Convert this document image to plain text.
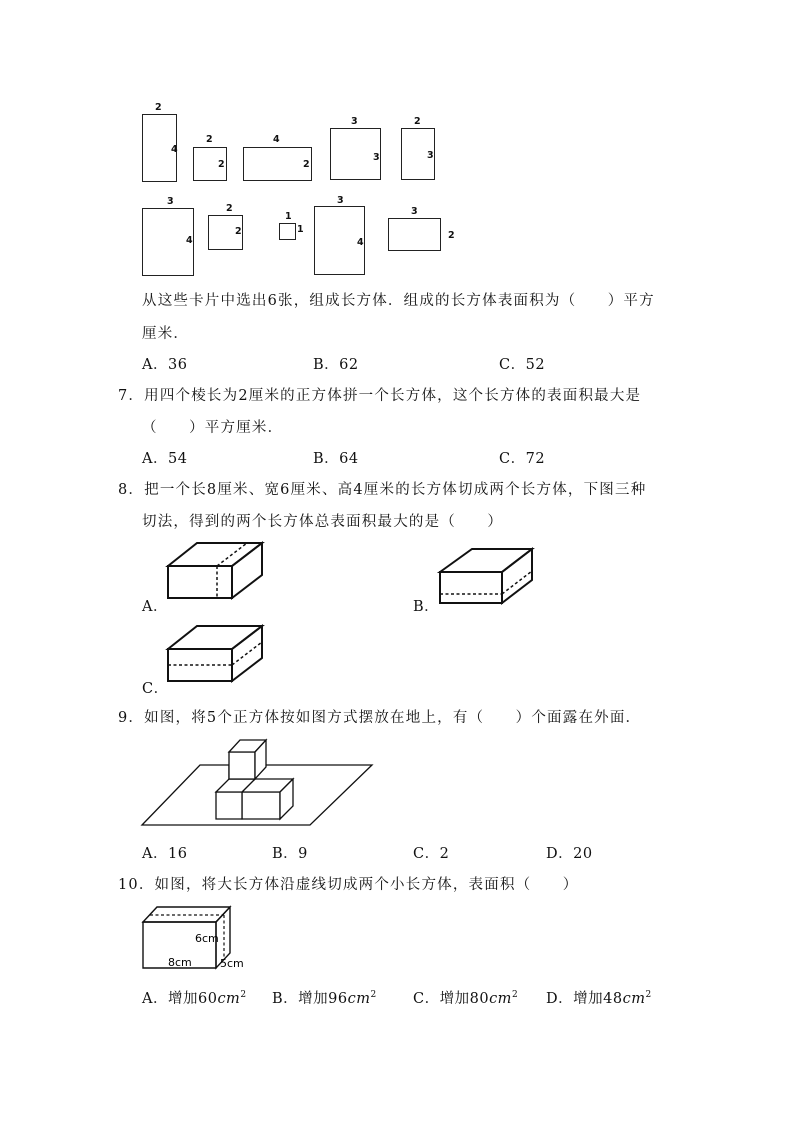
2
4
2
2
4
2
3
3
2
3
3
4
2
2
1
1
3
4
3
2
从这些卡片中选出6张，组成长方体．组成的长方体表面积为（　　）平方
厘米．
A．36	B．62	C．52
7．用四个棱长为2厘米的正方体拼一个长方体，这个长方体的表面积最大是
（　　）平方厘米．
A．54	B．64	C．72
8．把一个长8厘米、宽6厘米、高4厘米的长方体切成两个长方体，下图三种
切法，得到的两个长方体总表面积最大的是（　　）
A．	B．
C．
9．如图，将5个正方体按如图方式摆放在地上，有（　　）个面露在外面．
A．16	B．9	C．2	D．20
10．如图，将大长方体沿虚线切成两个小长方体，表面积（　　）
6cm
8cm	5cm
A．增加$60cm^2$ B．增加$96cm^2$	C．增加$80cm^2$ D．增加$48cm^2$
